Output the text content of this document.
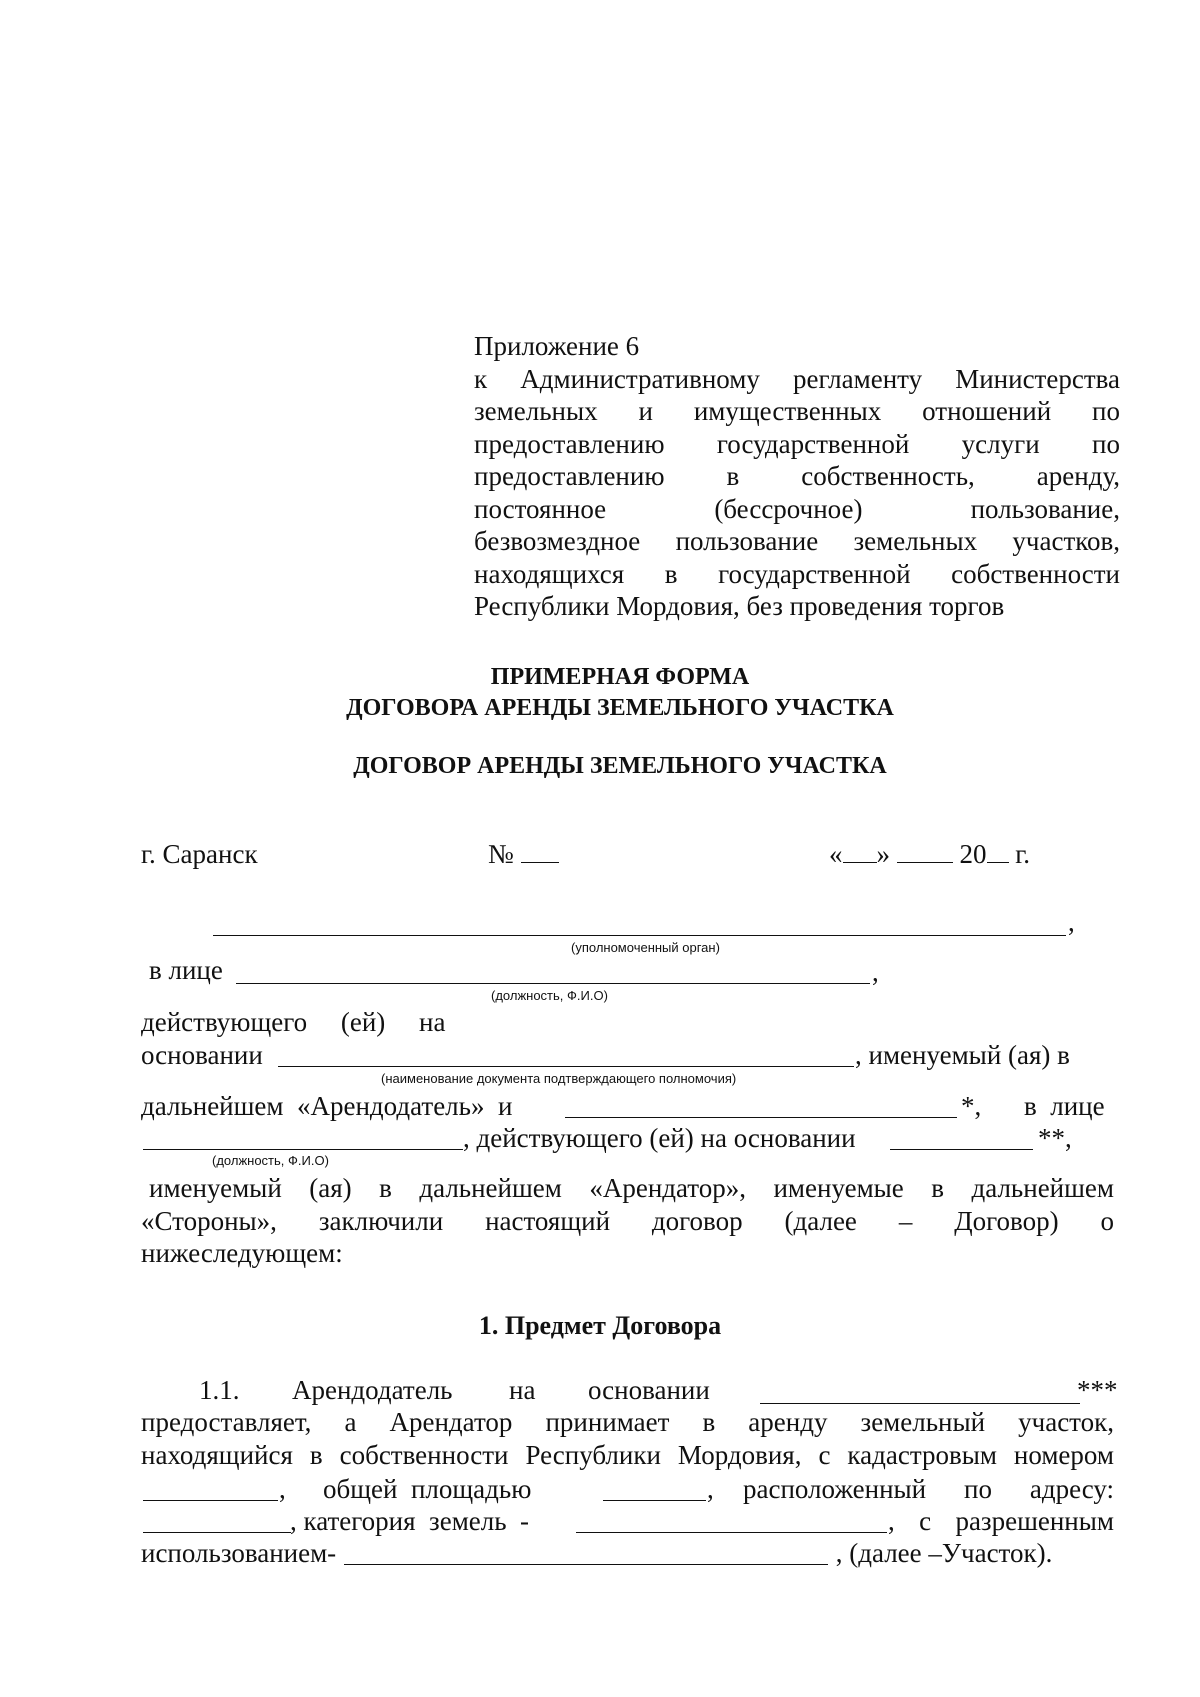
Приложение 6
к Административному регламенту Министерства
земельных и имущественных отношений по
предоставлению государственной услуги по
предоставлению в собственность, аренду,
постоянное (бессрочное) пользование,
безвозмездное пользование земельных участков,
находящихся в государственной собственности
Республики Мордовия, без проведения торгов
ПРИМЕРНАЯ ФОРМА
ДОГОВОРА АРЕНДЫ ЗЕМЕЛЬНОГО УЧАСТКА
ДОГОВОР АРЕНДЫ ЗЕМЕЛЬНОГО УЧАСТКА
г. Саранск	№	« »	20 г.
,
(уполномоченный орган)
в лице	,
(должность, Ф.И.О)
действующего     (ей)     на
основании	, именуемый (ая) в
(наименование документа подтверждающего полномочия)
дальнейшем  «Арендодатель»  и	*, в  лице
, действующего (ей) на основании	**,
(должность, Ф.И.О)
именуемый (ая) в дальнейшем «Арендатор», именуемые в дальнейшем
«Стороны», заключили настоящий договор (далее – Договор) о
нижеследующем:
1. Предмет Договора
1.1. Арендодатель на основании	***
предоставляет, а Арендатор принимает в аренду земельный участок,
находящийся в собственности Республики Мордовия, с кадастровым номером
, общей  площадью	, расположенный  по  адресу:
, категория  земель  -	,  с  разрешенным
использованием-	, (далее –Участок).
